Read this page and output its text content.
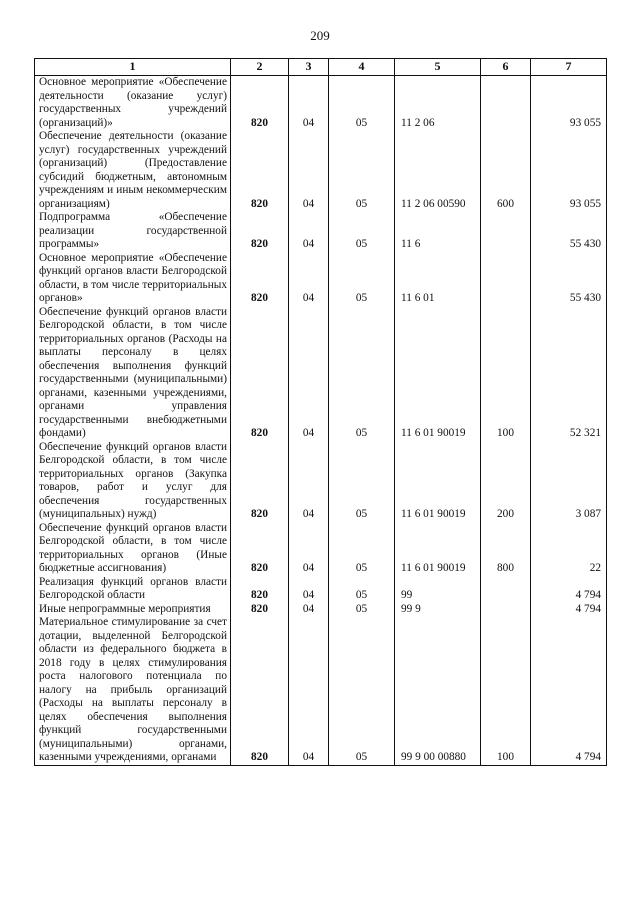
209
1	2	3	4	5	6	7
Основное мероприятие «Обеспечение деятельности (оказание услуг) государственных учреждений (организаций)»	820	04	05	11 2 06		93 055
Обеспечение деятельности (оказание услуг) государственных учреждений (организаций) (Предоставление субсидий бюджетным, автономным учреждениям и иным некоммерческим организациям)	820	04	05	11 2 06 00590	600	93 055
Подпрограмма «Обеспечение реализации государственной программы»	820	04	05	11 6		55 430
Основное мероприятие «Обеспечение функций органов власти Белгородской области, в том числе территориальных органов»	820	04	05	11 6 01		55 430
Обеспечение функций органов власти Белгородской области, в том числе территориальных органов (Расходы на выплаты персоналу в целях обеспечения выполнения функций государственными (муниципальными) органами, казенными учреждениями, органами управления государственными внебюджетными фондами)	820	04	05	11 6 01 90019	100	52 321
Обеспечение функций органов власти Белгородской области, в том числе территориальных органов (Закупка товаров, работ и услуг для обеспечения государственных (муниципальных) нужд)	820	04	05	11 6 01 90019	200	3 087
Обеспечение функций органов власти Белгородской области, в том числе территориальных органов (Иные бюджетные ассигнования)	820	04	05	11 6 01 90019	800	22
Реализация функций органов власти Белгородской области	820	04	05	99		4 794
Иные непрограммные мероприятия	820	04	05	99 9		4 794
Материальное стимулирование за счет дотации, выделенной Белгородской области из федерального бюджета в 2018 году в целях стимулирования роста налогового потенциала по налогу на прибыль организаций (Расходы на выплаты персоналу в целях обеспечения выполнения функций государственными (муниципальными) органами, казенными учреждениями, органами	820	04	05	99 9 00 00880	100	4 794
